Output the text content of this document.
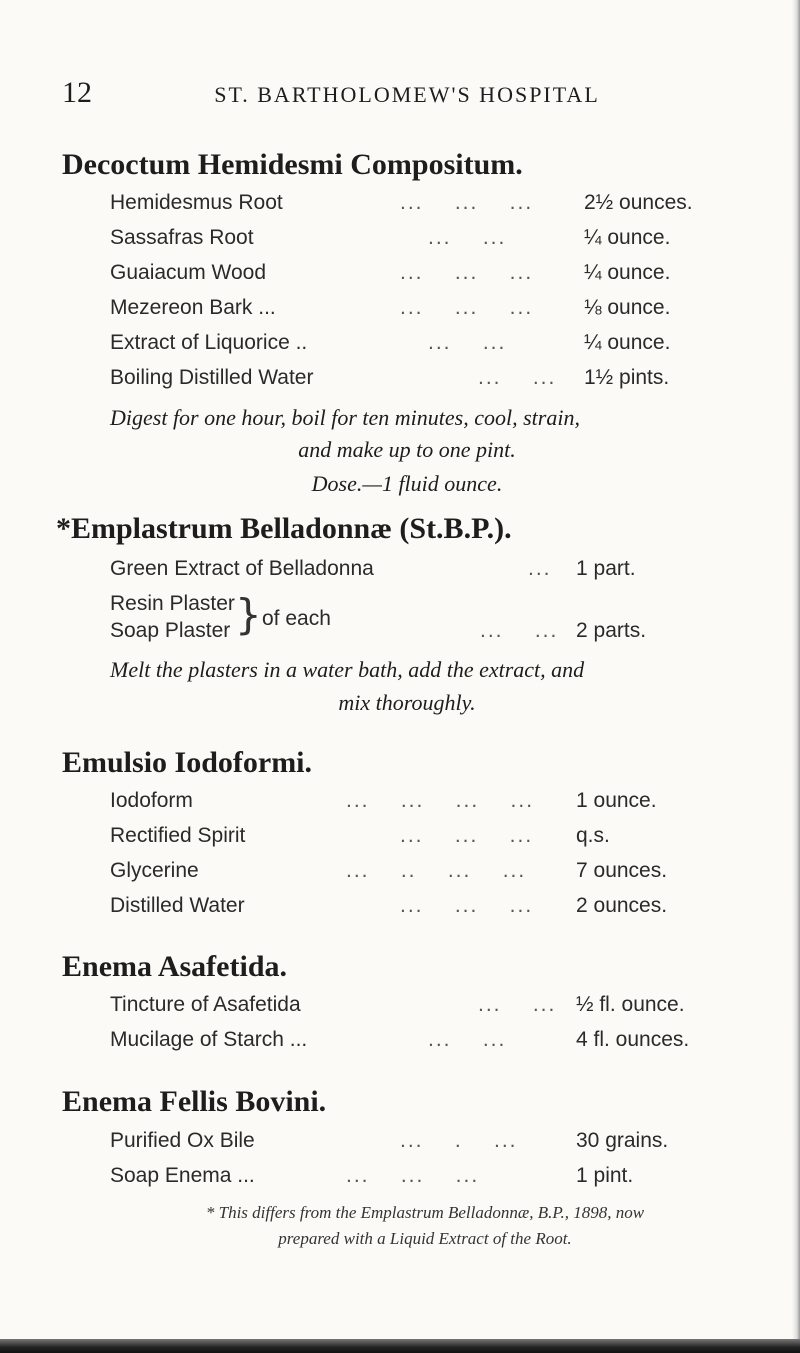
12	ST. BARTHOLOMEW'S HOSPITAL
Decoctum Hemidesmi Compositum.
Hemidesmus Root	...    ...    ... 2½ ounces.
Sassafras Root	...    ...	¼ ounce.
Guaiacum Wood	...    ...    ... ¼ ounce.
Mezereon Bark ...	...    ...    ... ⅛ ounce.
Extract of Liquorice ..	...    ...	¼ ounce.
Boiling Distilled Water	...    ... 1½ pints.
Digest for one hour, boil for ten minutes, cool, strain,
and make up to one pint.
Dose.—1 fluid ounce.
*Emplastrum Belladonnæ (St.B.P.).
Green Extract of Belladonna	... 1 part.
Resin Plaster
Soap Plaster	...    ... 2 parts.
} of each
Melt the plasters in a water bath, add the extract, and
mix thoroughly.
Emulsio Iodoformi.
Iodoform	...    ...    ...    ... 1 ounce.
Rectified Spirit	...    ...    ... q.s.
Glycerine	...    ..    ...    ... 7 ounces.
Distilled Water	...    ...    ... 2 ounces.
Enema Asafetida.
Tincture of Asafetida	...    ... ½ fl. ounce.
Mucilage of Starch ...	...    ...	4 fl. ounces.
Enema Fellis Bovini.
Purified Ox Bile	...    .    ...	30 grains.
Soap Enema ...	...    ...    ...	1 pint.
* This differs from the Emplastrum Belladonnæ, B.P., 1898, now
prepared with a Liquid Extract of the Root.
